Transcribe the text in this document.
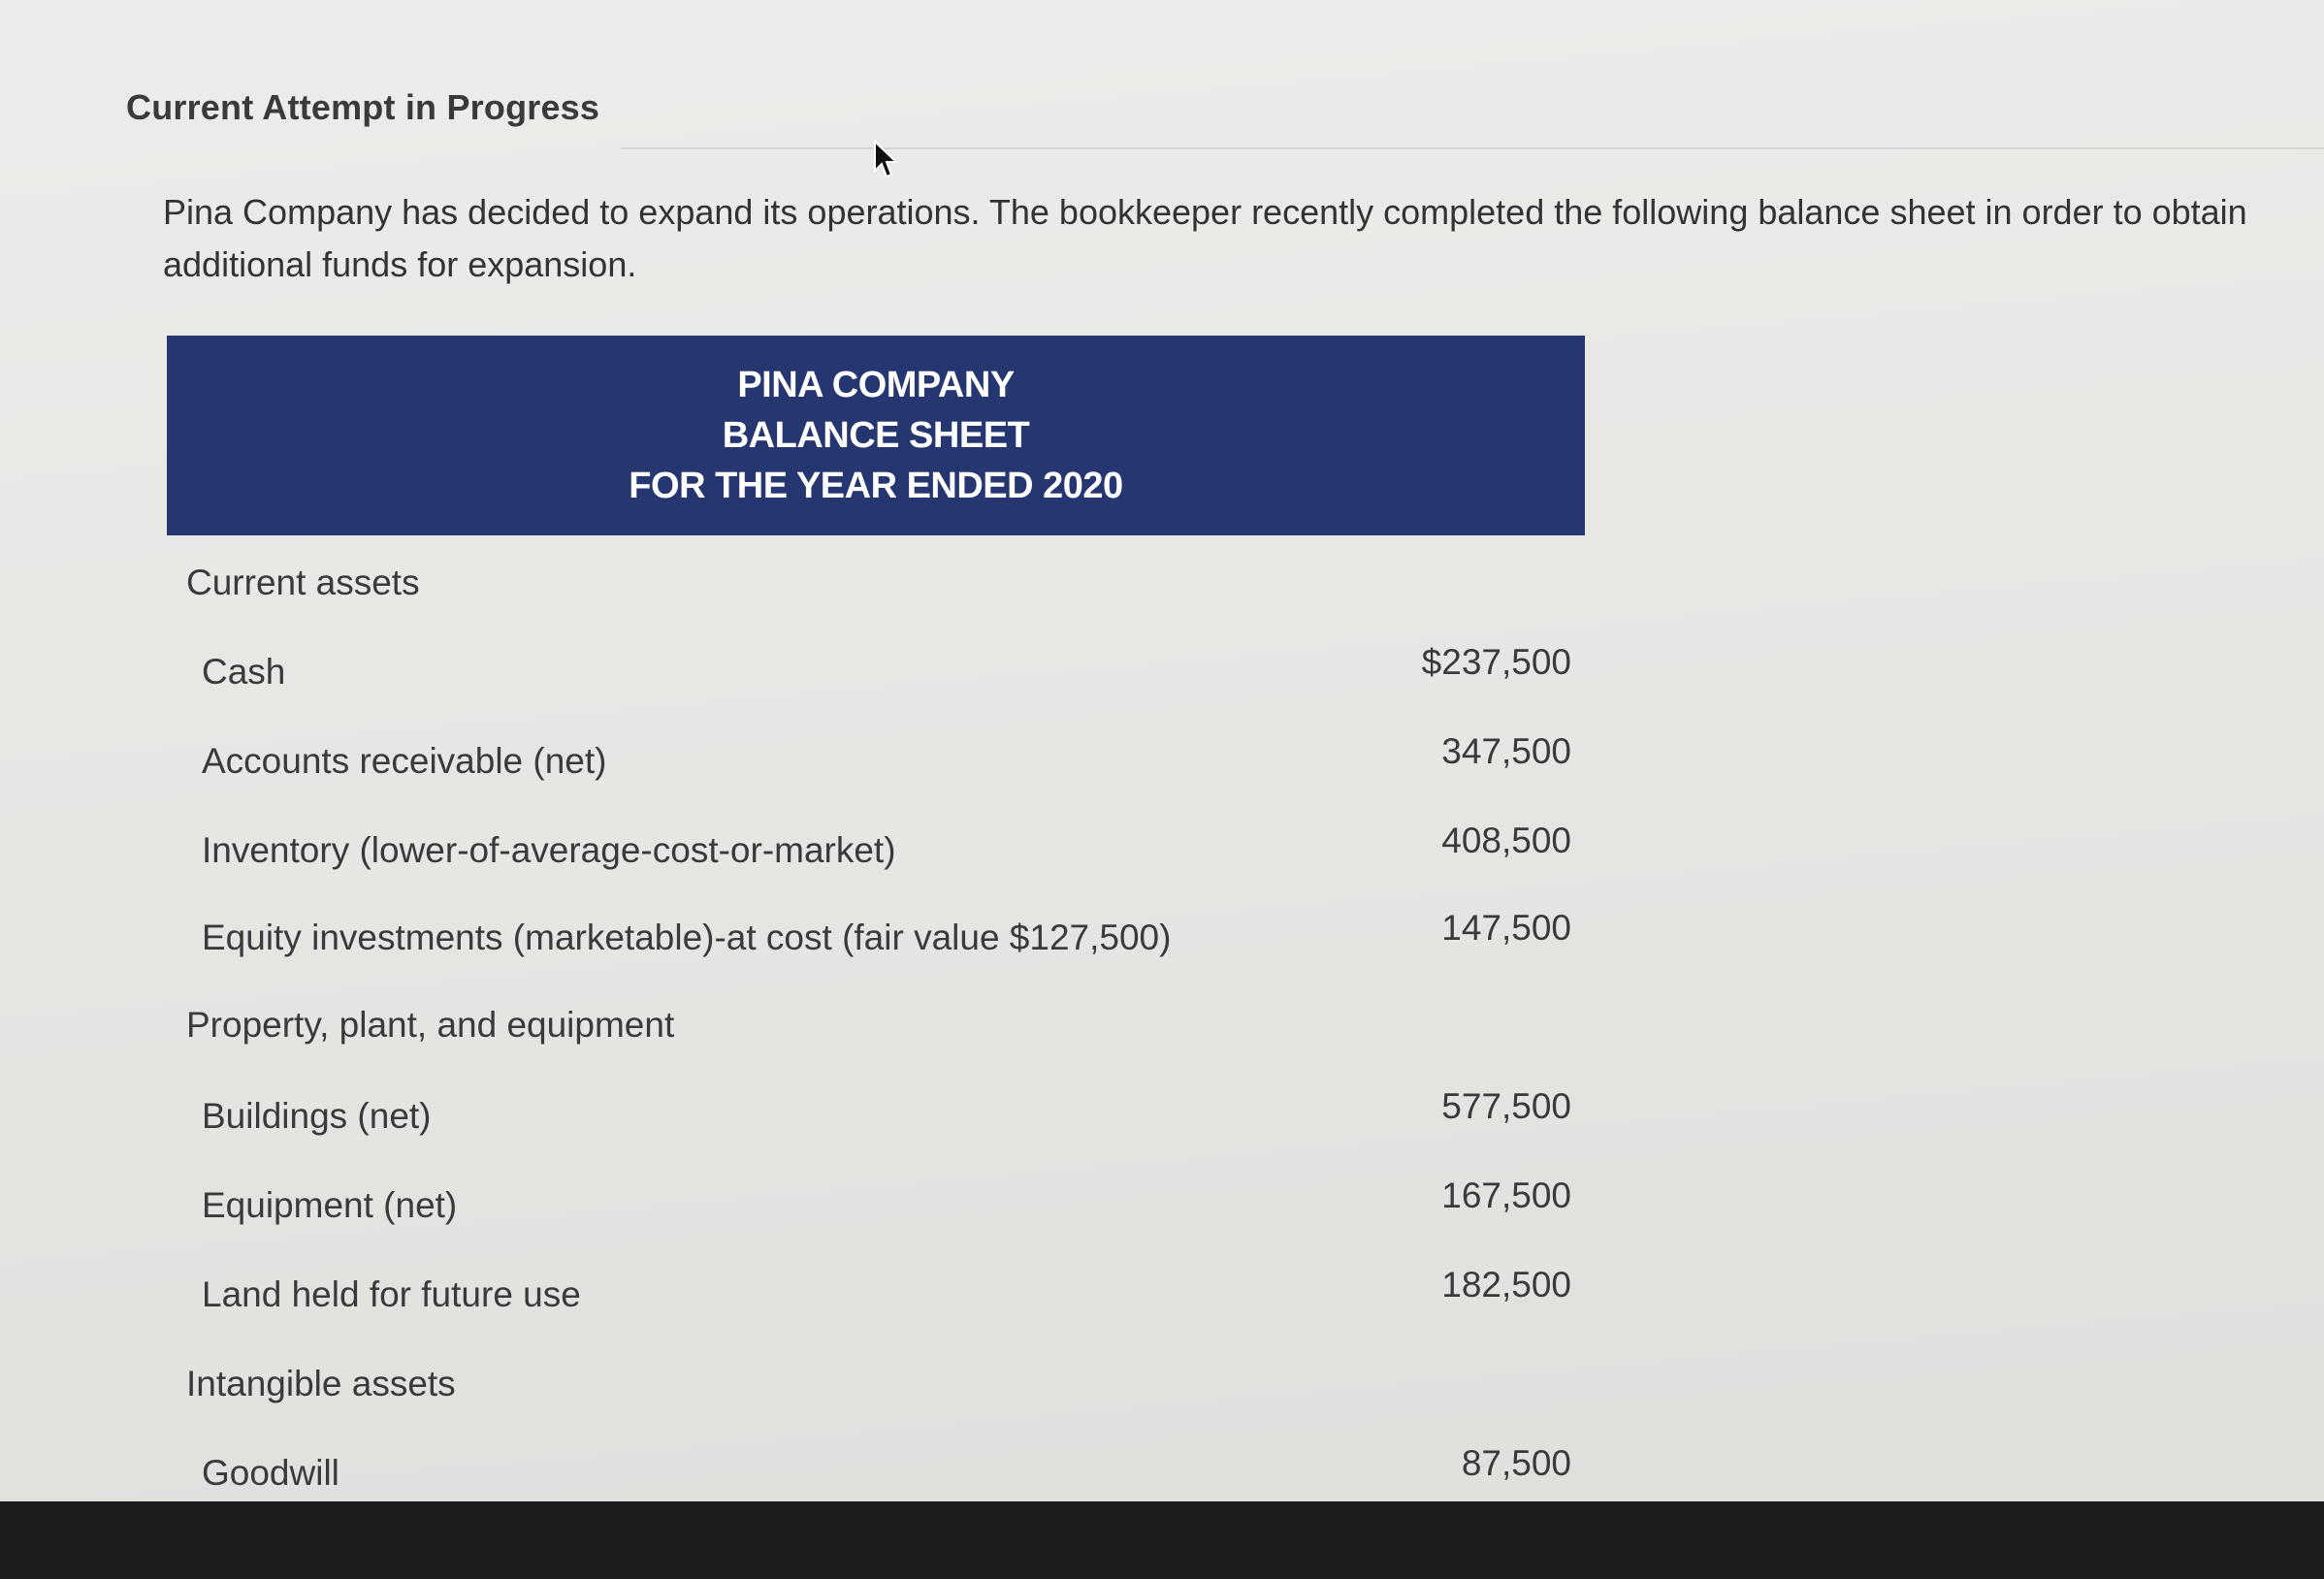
Current Attempt in Progress
Pina Company has decided to expand its operations. The bookkeeper recently completed the following balance sheet in order to obtain additional funds for expansion.
PINA COMPANY
BALANCE SHEET
FOR THE YEAR ENDED 2020
Current assets
Cash	$237,500
Accounts receivable (net)	347,500
Inventory (lower-of-average-cost-or-market)	408,500
Equity investments (marketable)-at cost (fair value $127,500)	147,500
Property, plant, and equipment
Buildings (net)	577,500
Equipment (net)	167,500
Land held for future use	182,500
Intangible assets
Goodwill	87,500
